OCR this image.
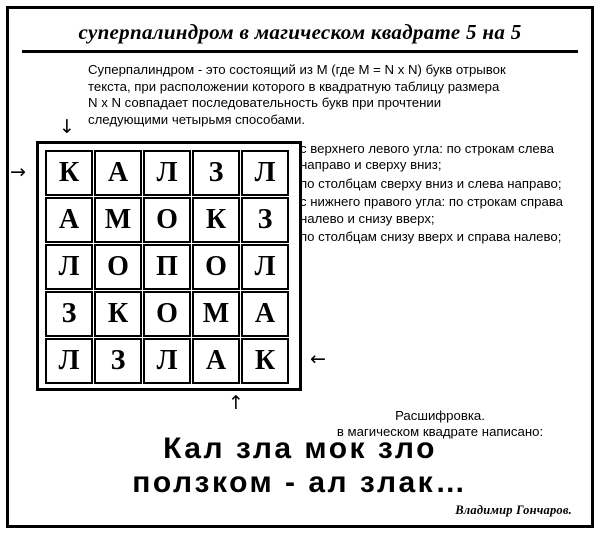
суперпалиндром в магическом квадрате 5 на 5
Суперпалиндром - это состоящий из М (где М = N x N) букв отрывок текста, при расположении которого в квадратную таблицу размера N x N совпадает последовательность букв при прочтении следующими четырьмя способами.
↓
→
←
↑
К	А	Л	З	Л
А М О К	З
Л О П О Л
З	К О М А
Л	З	Л	А	К

с верхнего левого угла: по строкам слева направо и сверху вниз;

по столбцам сверху вниз и слева направо;

с нижнего правого угла: по строкам справа налево и снизу вверх;

по столбцам снизу вверх и справа налево;

Расшифровка.

в магическом квадрате написано:

Кал зла мок зло
ползком - ал злак…
Владимир Гончаров.
